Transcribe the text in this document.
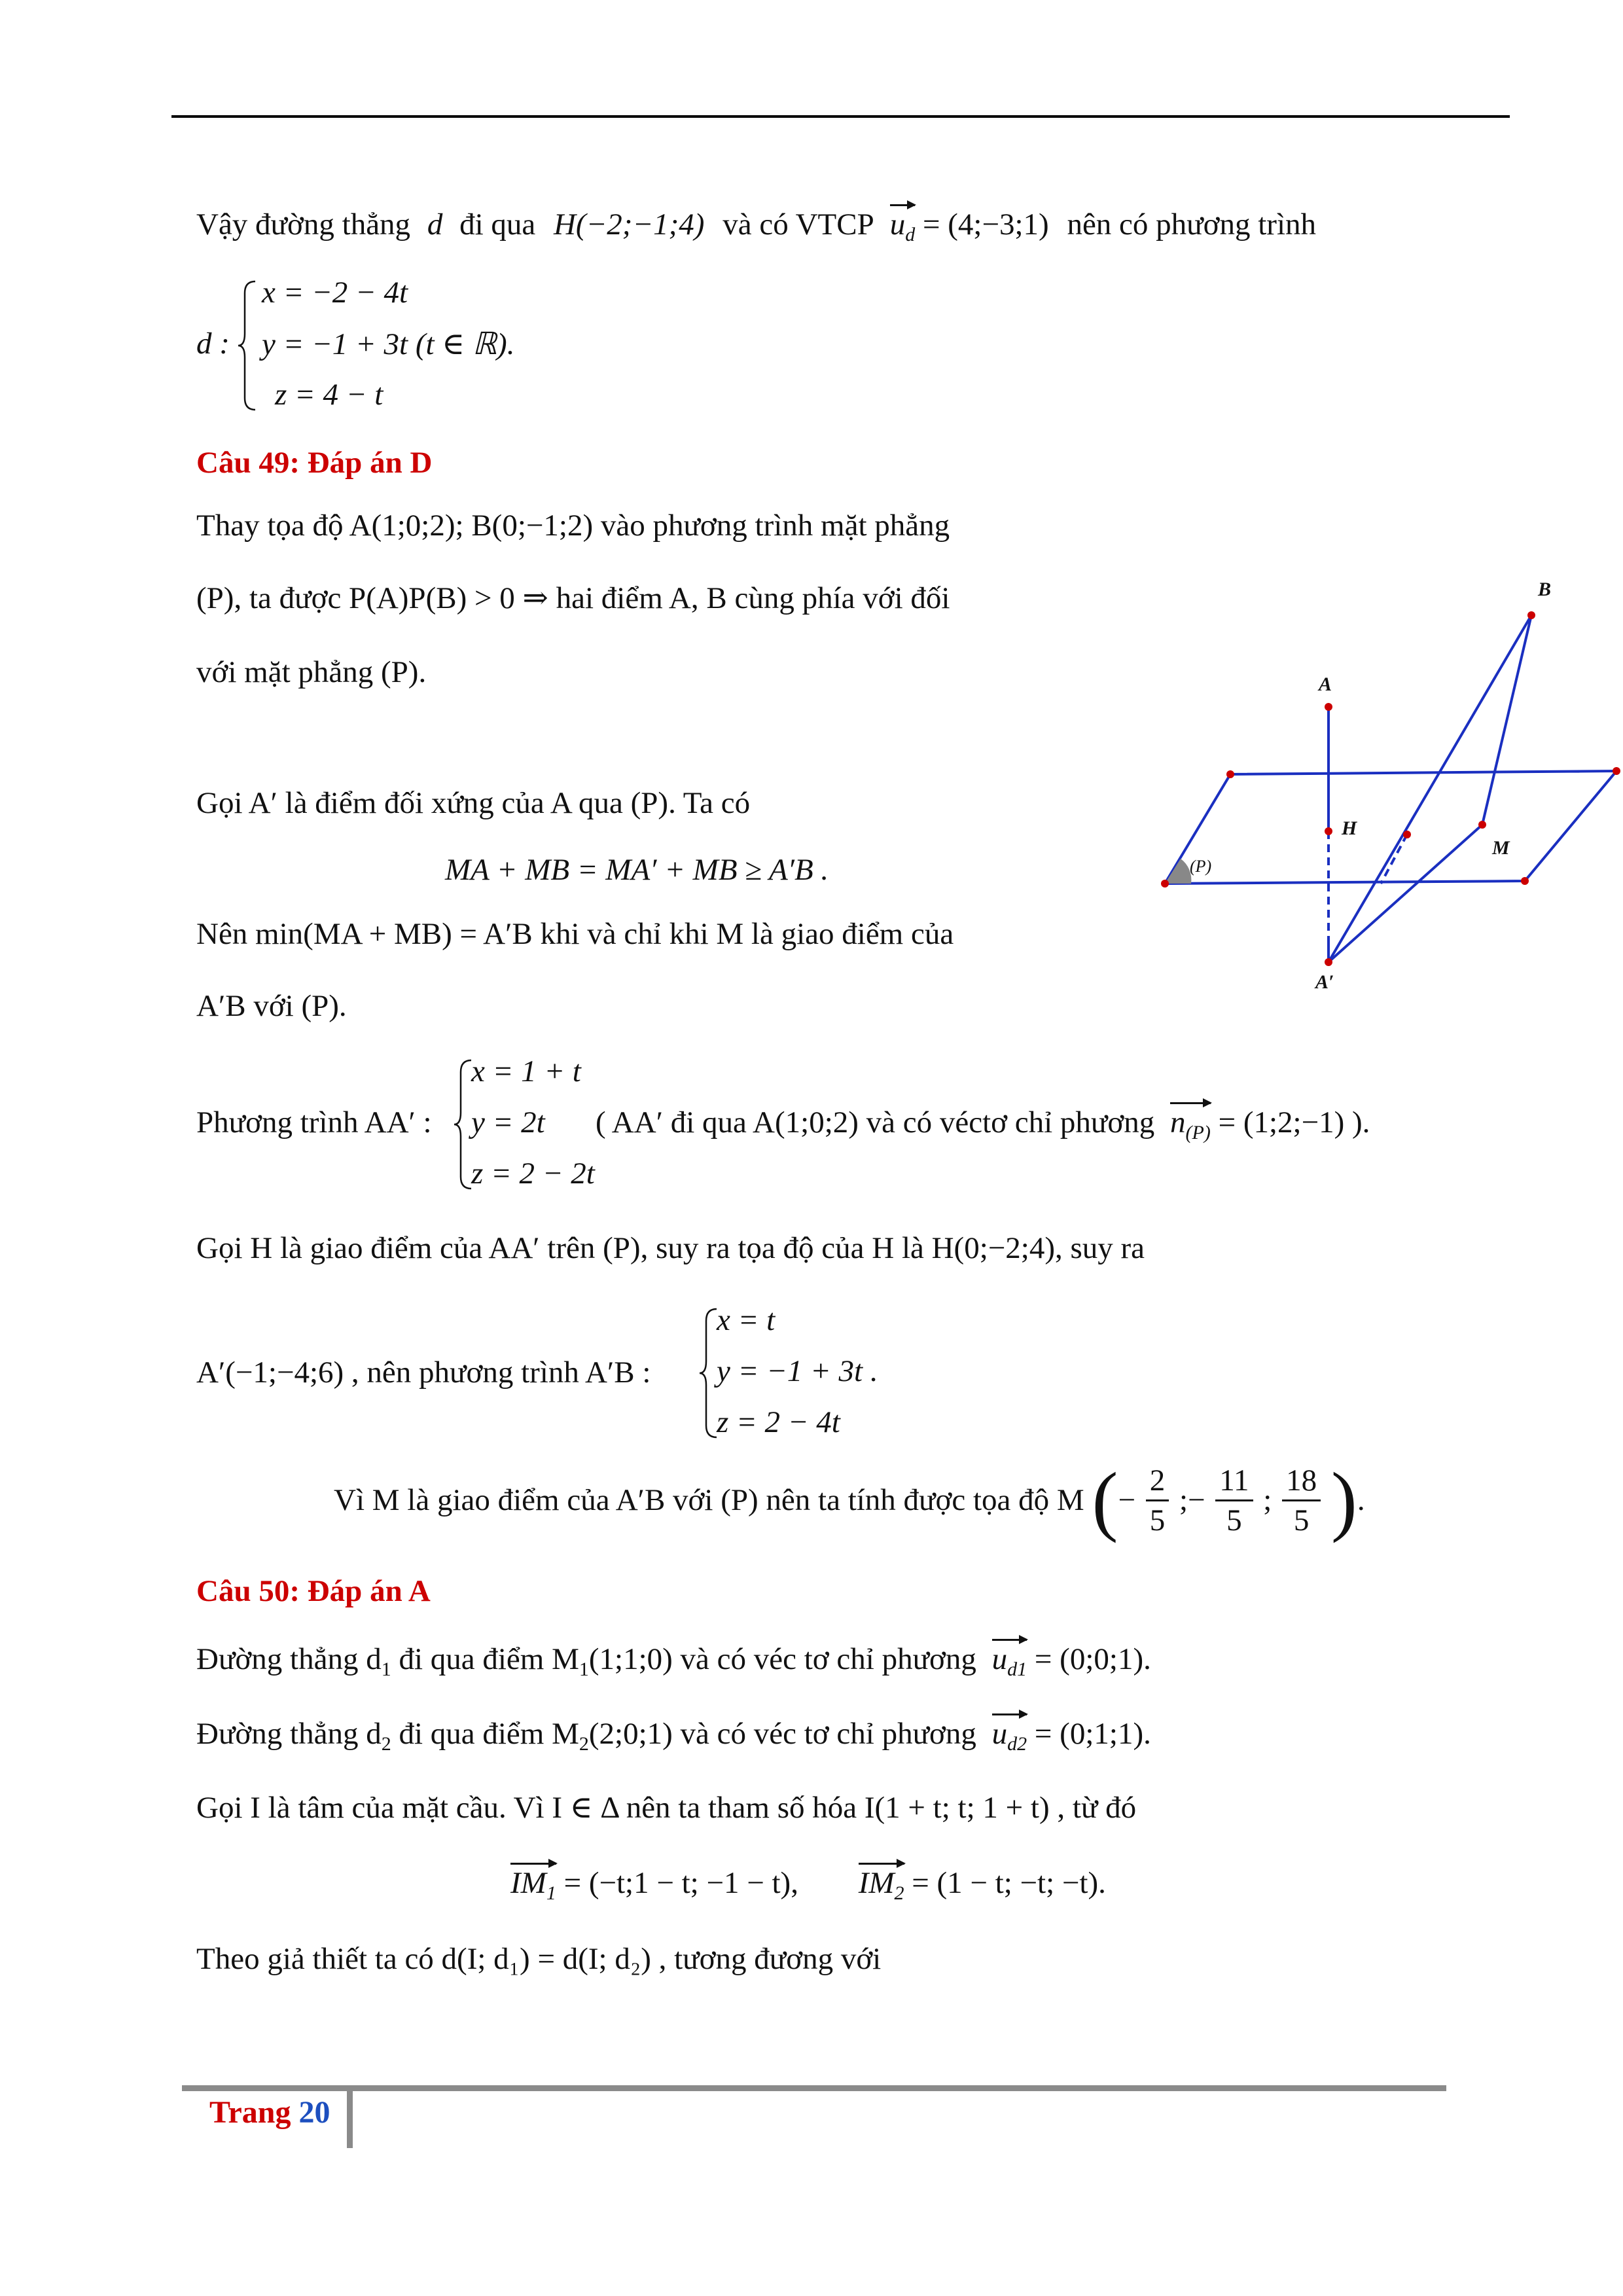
Vậy đường thẳng d đi qua H(−2;−1;4) và có VTCP $u_d$ = (4;−3;1) nên có phương trình
d :
x = −2 − 4t
y = −1 + 3t (t ∈ ℝ).
z = 4 − t
Câu 49: Đáp án D
Thay tọa độ A(1;0;2); B(0;−1;2) vào phương trình mặt phẳng
(P), ta được P(A)P(B) > 0 ⇒ hai điểm A, B cùng phía với đối
với mặt phẳng (P).
Gọi A′ là điểm đối xứng của A qua (P). Ta có
MA + MB = MA′ + MB ≥ A′B .
Nên min(MA + MB) = A′B khi và chỉ khi M là giao điểm của
A′B với (P).
B
A
H
M
(P)
A′
Phương trình AA′ :
x = 1 + t
y = 2t
z = 2 − 2t
( AA′ đi qua A(1;0;2) và có véctơ chỉ phương $n_{(P)}$ = (1;2;−1) ).
Gọi H là giao điểm của AA′ trên (P), suy ra tọa độ của H là H(0;−2;4), suy ra
A′(−1;−4;6) , nên phương trình A′B :
x = t
y = −1 + 3t .
z = 2 − 4t
Vì M là giao điểm của A′B với (P) nên ta tính được tọa độ M (− $\frac{2}{5}$ ;− $\frac{11}{5}$ ; $\frac{18}{5}$ ).
Câu 50: Đáp án A
Đường thẳng $d_1$ đi qua điểm $M_1(1;1;0)$ và có véc tơ chỉ phương $u_{d1}$ = (0;0;1).
Đường thẳng $d_2$ đi qua điểm $M_2(2;0;1)$ và có véc tơ chỉ phương $u_{d2}$ = (0;1;1).
Gọi I là tâm của mặt cầu. Vì I ∈ Δ nên ta tham số hóa I(1 + t; t; 1 + t) , từ đó
$IM_1$ = (−t;1 − t; −1 − t), $IM_2 = (1 - t$; −t; −t).
Theo giả thiết ta có d(I; d₁) = d(I; d₂) , tương đương với
Trang 20
